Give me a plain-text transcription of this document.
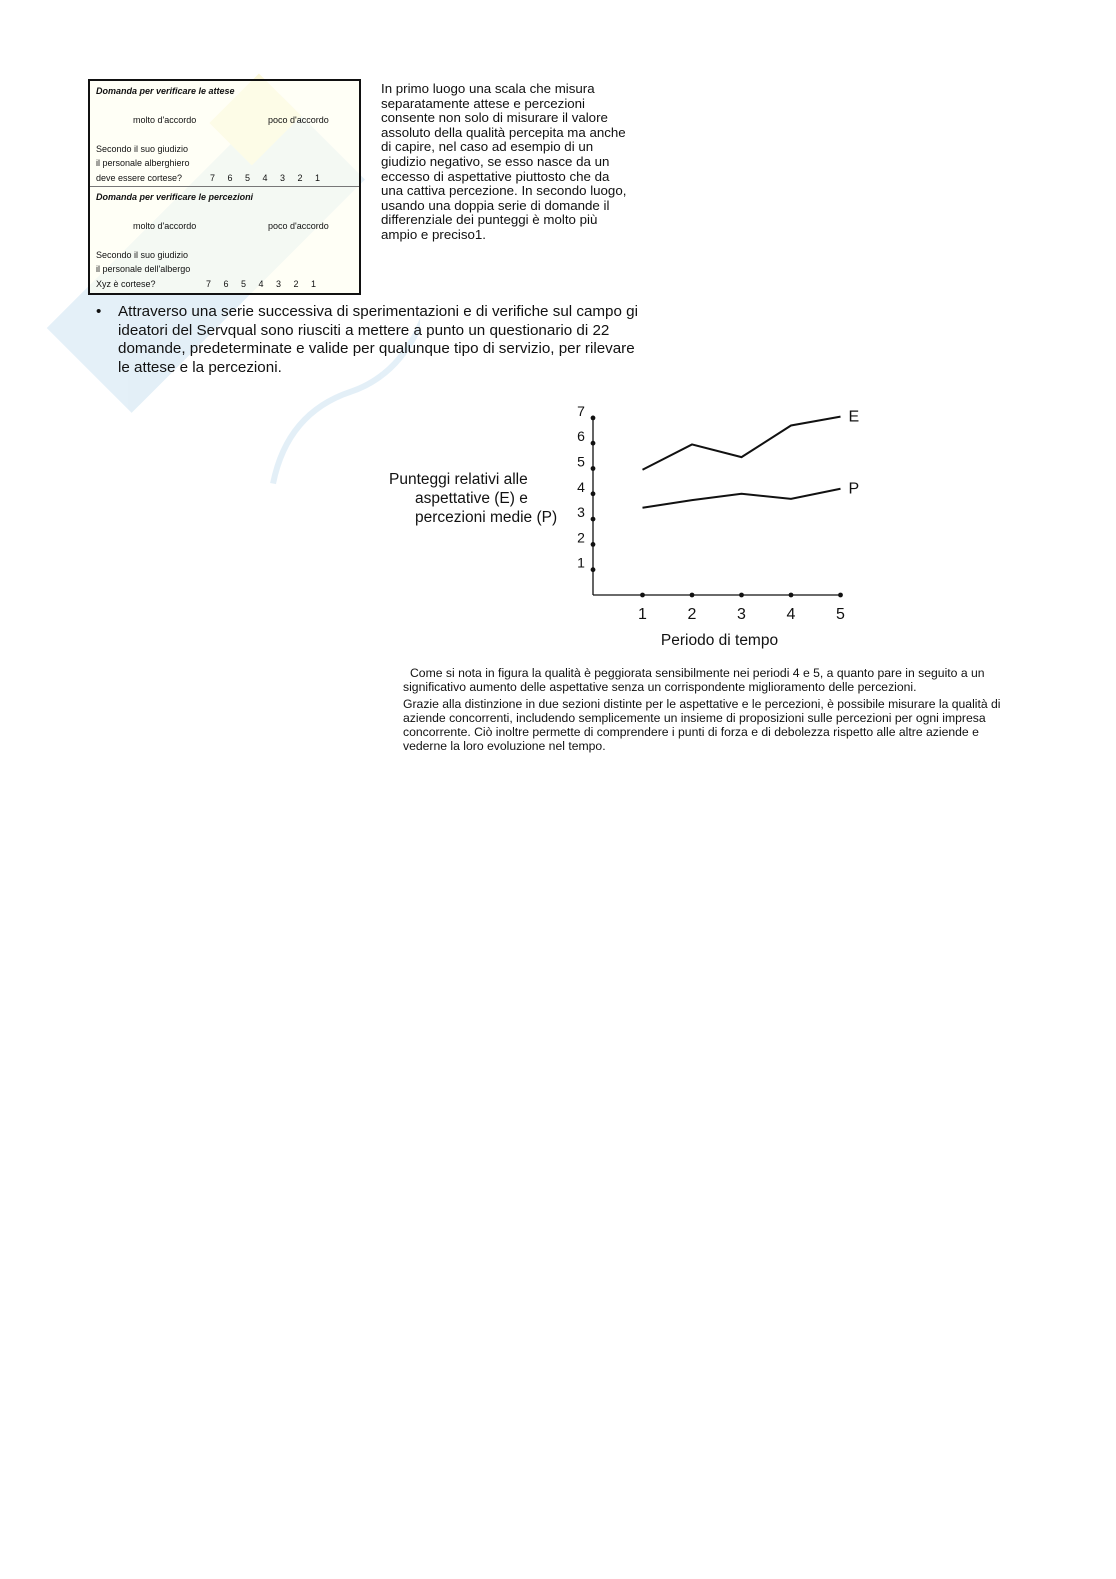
Domanda per verificare le attese
molto d'accordo	poco d'accordo
Secondo il suo giudizio
il personale alberghiero
deve essere cortese?	7 6 5 4 3 2 1
Domanda per verificare le percezioni
molto d'accordo	poco d'accordo
Secondo il suo giudizio
il personale dell'albergo
Xyz è cortese?	7 6 5 4 3 2 1
In primo luogo una scala che misura separatamente attese e percezioni consente non solo di misurare il valore assoluto della qualità percepita ma anche di capire, nel caso ad esempio di un giudizio negativo, se esso nasce da un eccesso di aspettative piuttosto che da una cattiva percezione. In secondo luogo, usando una doppia serie di domande il differenziale dei punteggi è molto più ampio e preciso1.
• Attraverso una serie successiva di sperimentazioni e di verifiche sul campo gi ideatori del Servqual sono riusciti a mettere a punto un questionario di 22 domande, predeterminate e valide per qualunque tipo di servizio, per rilevare le attese e la percezioni.
1
2
3
4
5
6
7
1	2	3	4	5
E
P
Periodo di tempo
Punteggi relativi alle
aspettative (E) e
percezioni medie (P)

Come si nota in figura la qualità è peggiorata sensibilmente nei periodi 4 e 5, a quanto pare in seguito a un significativo aumento delle aspettative senza un corrispondente miglioramento delle percezioni.

Grazie alla distinzione in due sezioni distinte per le aspettative e le percezioni, è possibile misurare la qualità di aziende concorrenti, includendo semplicemente un insieme di proposizioni sulle percezioni per ogni impresa concorrente. Ciò inoltre permette di comprendere i punti di forza e di debolezza rispetto alle altre aziende e vederne la loro evoluzione nel tempo.
